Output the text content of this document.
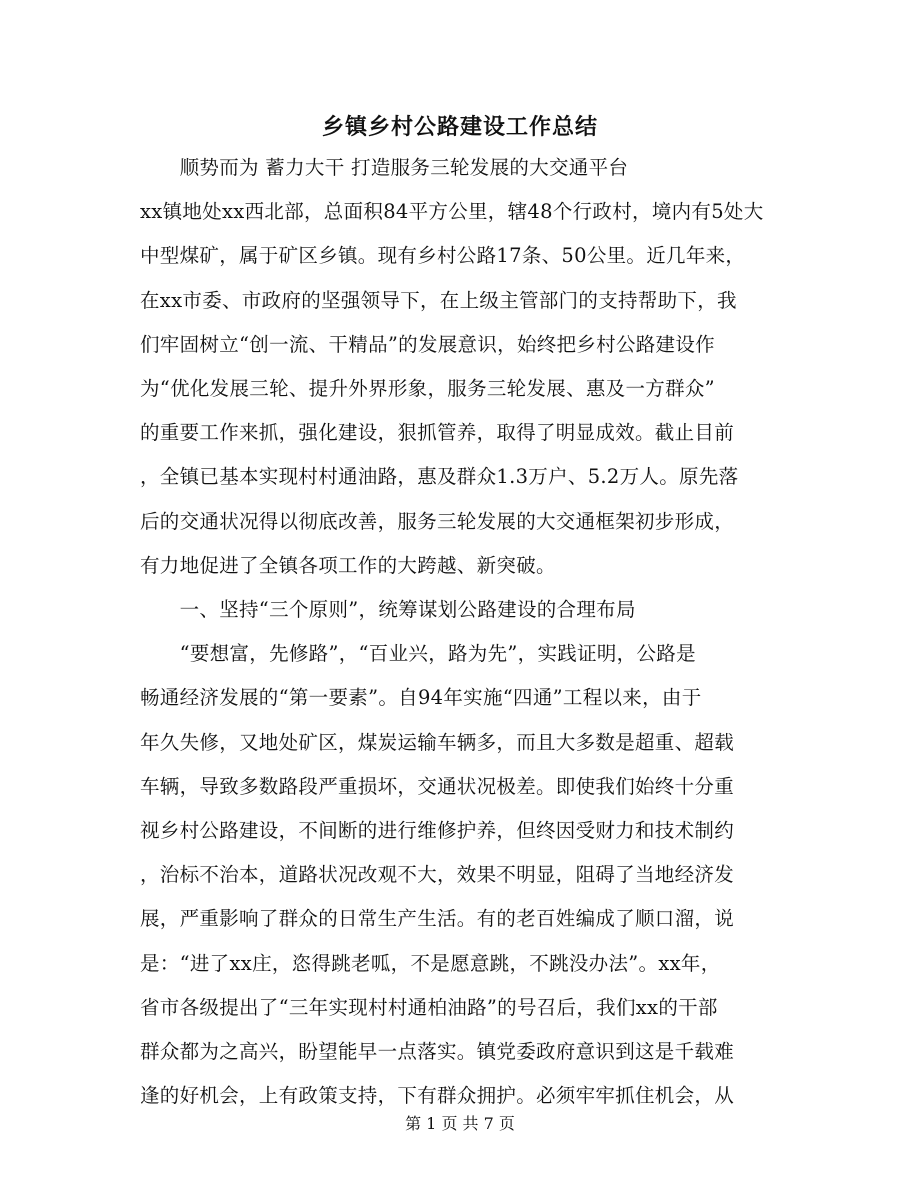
乡镇乡村公路建设工作总结
　　顺势而为 蓄力大干 打造服务三轮发展的大交通平台
xx镇地处xx西北部，总面积84平方公里，辖48个行政村，境内有5处大
中型煤矿，属于矿区乡镇。现有乡村公路17条、50公里。近几年来，
在xx市委、市政府的坚强领导下，在上级主管部门的支持帮助下，我
们牢固树立“创一流、干精品”的发展意识，始终把乡村公路建设作
为“优化发展三轮、提升外界形象，服务三轮发展、惠及一方群众”
的重要工作来抓，强化建设，狠抓管养，取得了明显成效。截止目前
，全镇已基本实现村村通油路，惠及群众1.3万户、5.2万人。原先落
后的交通状况得以彻底改善，服务三轮发展的大交通框架初步形成，
有力地促进了全镇各项工作的大跨越、新突破。
　　一、坚持“三个原则”，统筹谋划公路建设的合理布局
　　“要想富，先修路”，“百业兴，路为先”，实践证明，公路是
畅通经济发展的“第一要素”。自94年实施“四通”工程以来，由于
年久失修，又地处矿区，煤炭运输车辆多，而且大多数是超重、超载
车辆，导致多数路段严重损坏，交通状况极差。即使我们始终十分重
视乡村公路建设，不间断的进行维修护养，但终因受财力和技术制约
，治标不治本，道路状况改观不大，效果不明显，阻碍了当地经济发
展，严重影响了群众的日常生产生活。有的老百姓编成了顺口溜，说
是：“进了xx庄，恣得跳老呱，不是愿意跳，不跳没办法”。xx年，
省市各级提出了“三年实现村村通柏油路”的号召后，我们xx的干部
群众都为之高兴，盼望能早一点落实。镇党委政府意识到这是千载难
第 1 页 共 7 页
逢的好机会，上有政策支持，下有群众拥护。必须牢牢抓住机会，从
